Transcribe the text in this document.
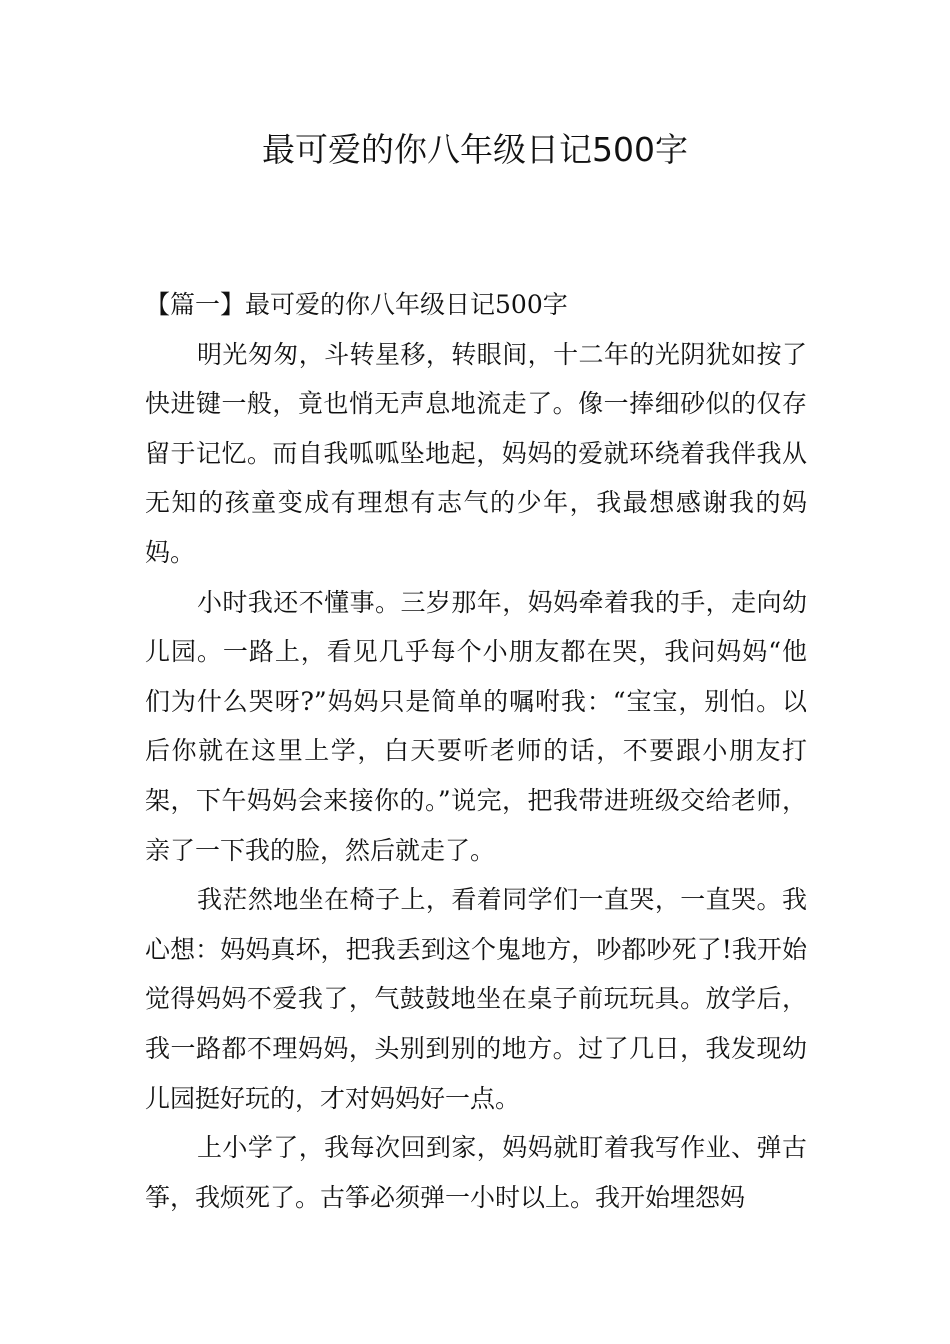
最可爱的你八年级日记500字

【篇一】最可爱的你八年级日记500字

明光匆匆，斗转星移，转眼间，十二年的光阴犹如按了快进键一般，竟也悄无声息地流走了。像一捧细砂似的仅存留于记忆。而自我呱呱坠地起，妈妈的爱就环绕着我伴我从无知的孩童变成有理想有志气的少年，我最想感谢我的妈妈。

小时我还不懂事。三岁那年，妈妈牵着我的手，走向幼儿园。一路上，看见几乎每个小朋友都在哭，我问妈妈“他们为什么哭呀?”妈妈只是简单的嘱咐我：“宝宝，别怕。以后你就在这里上学，白天要听老师的话，不要跟小朋友打架，下午妈妈会来接你的。”说完，把我带进班级交给老师，亲了一下我的脸，然后就走了。

我茫然地坐在椅子上，看着同学们一直哭，一直哭。我心想：妈妈真坏，把我丢到这个鬼地方，吵都吵死了!我开始觉得妈妈不爱我了，气鼓鼓地坐在桌子前玩玩具。放学后，我一路都不理妈妈，头别到别的地方。过了几日，我发现幼儿园挺好玩的，才对妈妈好一点。

上小学了，我每次回到家，妈妈就盯着我写作业、弹古筝，我烦死了。古筝必须弹一小时以上。我开始埋怨妈
